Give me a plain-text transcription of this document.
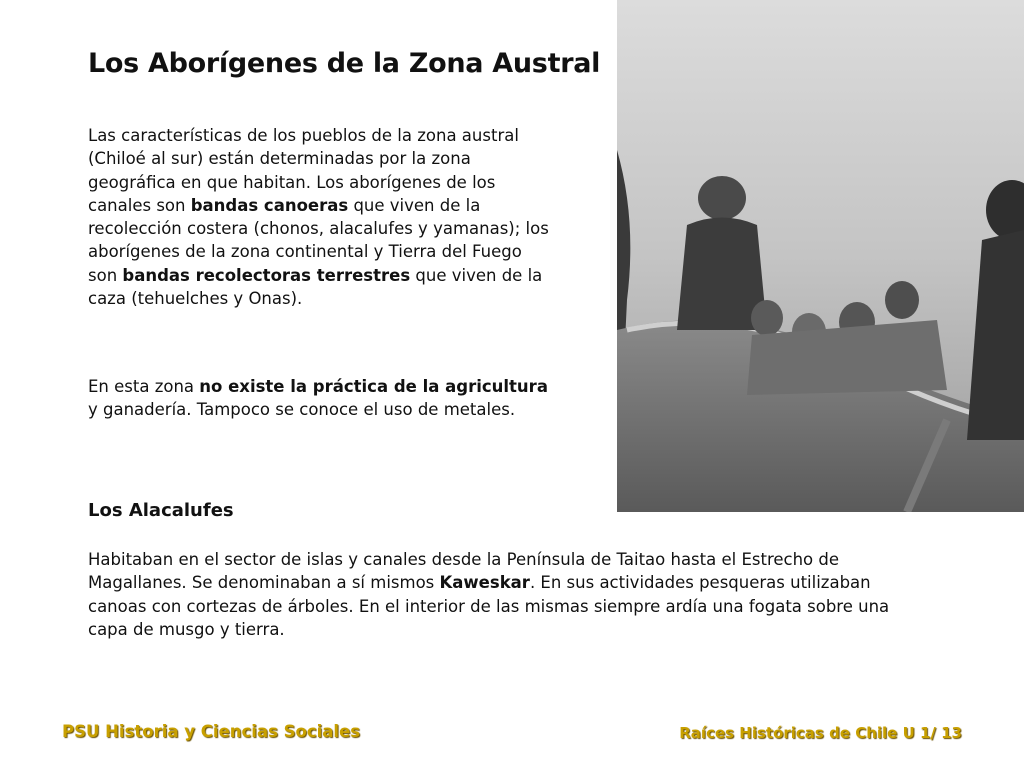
Los Aborígenes de la Zona Austral

Las características de los pueblos de la zona austral (Chiloé al sur) están determinadas por la zona geográfica en que habitan. Los aborígenes de los canales son bandas canoeras que viven de la recolección costera (chonos, alacalufes y yamanas); los aborígenes de la zona continental y Tierra del Fuego son bandas recolectoras terrestres que viven de la caza (tehuelches y Onas).

En esta zona no existe la práctica de la agricultura y ganadería. Tampoco se conoce el uso de metales.

Los Alacalufes

Habitaban en el sector de islas y canales desde la Península de Taitao hasta el Estrecho de Magallanes. Se denominaban a sí mismos Kaweskar. En sus actividades pesqueras utilizaban canoas con cortezas de árboles. En el interior de las mismas siempre ardía una fogata sobre una capa de musgo y tierra.

PSU Historia y Ciencias Sociales	Raíces Históricas de Chile U 1/ 13
